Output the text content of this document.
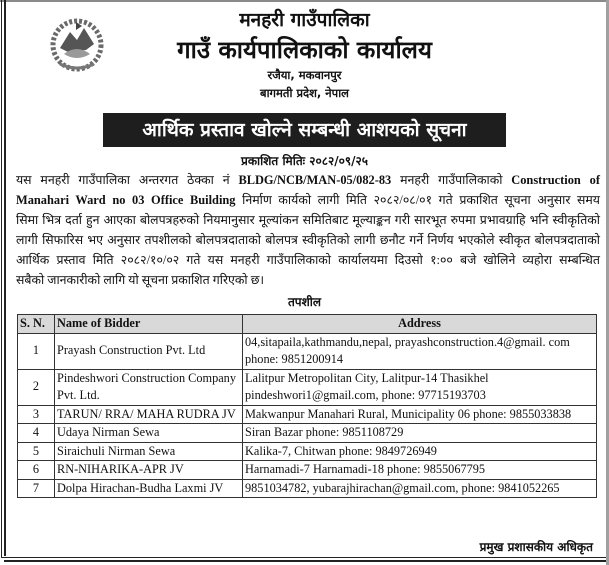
मनहरी गाउँपालिका
गाउँ कार्यपालिकाको कार्यालय
रजैया, मकवानपुर
बागमती प्रदेश, नेपाल
आर्थिक प्रस्ताव खोल्ने सम्बन्धी आशयको सूचना
प्रकाशित मितिः २०८२/०९/२५
यस मनहरी गाउँपालिका अन्तरगत ठेक्का नं BLDG/NCB/MAN-05/082-83 मनहरी गाउँपालिकाको Construction of
Manahari Ward no 03 Office Building निर्माण कार्यको लागी मिति २०८२/०८/०१ गते प्रकाशित सूचना अनुसार समय
सिमा भित्र दर्ता हुन आएका बोलपत्रहरुको नियमानुसार मूल्यांकन समितिबाट मूल्याङ्कन गरी सारभूत रुपमा प्रभावग्राहि भनि स्वीकृतिको
लागी सिफारिस भए अनुसार तपशीलको बोलपत्रदाताको बोलपत्र स्वीकृतिको लागी छनौट गर्ने निर्णय भएकोले स्वीकृत बोलपत्रदाताको
आर्थिक प्रस्ताव मिति २०८२/१०/०२ गते यस मनहरी गाउँपालिकाको कार्यालयमा दिउसो १:०० बजे खोलिने व्यहोरा सम्बन्धित
सबैको जानकारीको लागि यो सूचना प्रकाशित गरिएको छ।
तपशील
S. N.	Name of Bidder	Address
1	Prayash Construction Pvt. Ltd	04,sitapaila,kathmandu,nepal, prayashconstruction.4@gmail. com phone: 9851200914
2	Pindeshwori Construction Company Pvt. Ltd.	Lalitpur Metropolitan City, Lalitpur-14 Thasikhel pindeshwori1@gmail.com, phone: 97715193703
3	TARUN/ RRA/ MAHA RUDRA JV	Makwanpur Manahari Rural, Municipality 06 phone: 9855033838
4	Udaya Nirman Sewa	Siran Bazar phone: 9851108729
5	Siraichuli Nirman Sewa	Kalika-7, Chitwan phone: 9849726949
6	RN-NIHARIKA-APR JV	Harnamadi-7 Harnamadi-18 phone: 9855067795
7	Dolpa Hirachan-Budha Laxmi JV	9851034782, yubarajhirachan@gmail.com, phone: 9841052265
प्रमुख प्रशासकीय अधिकृत
